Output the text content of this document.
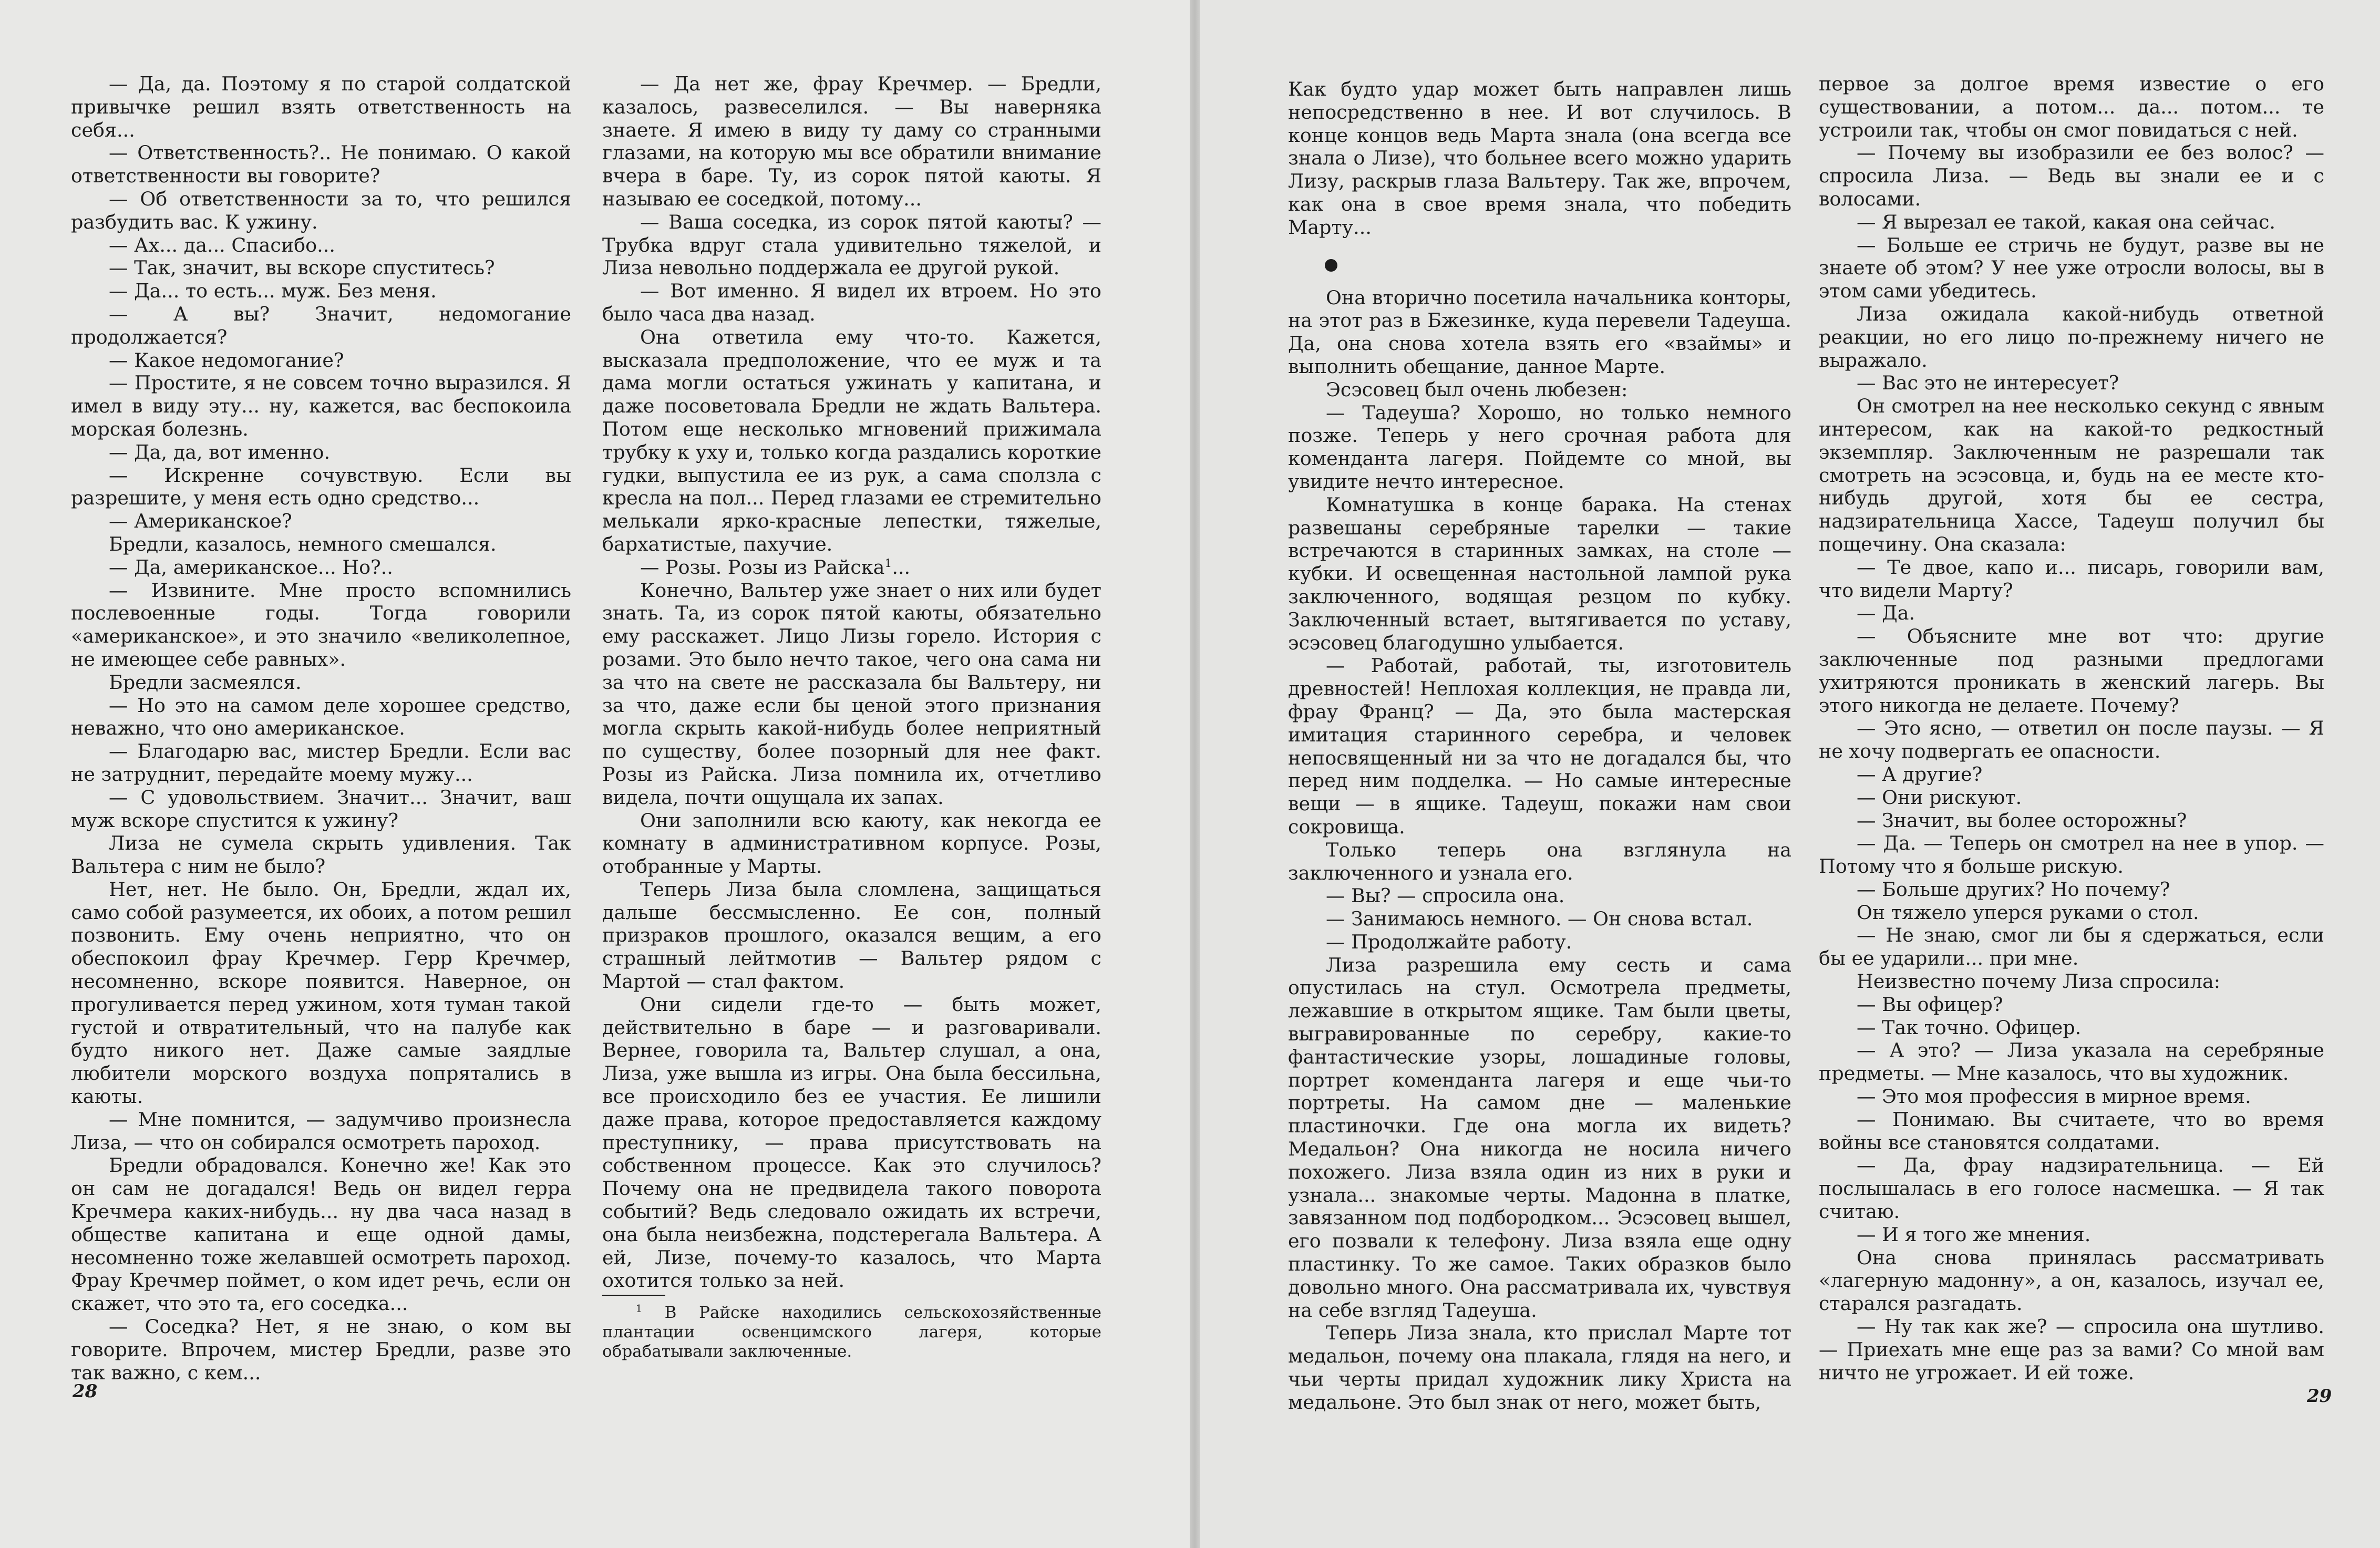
— Да, да. Поэтому я по старой солдатской привычке решил взять ответственность на себя...

— Ответственность?.. Не понимаю. О какой ответственности вы говорите?

— Об ответственности за то, что решился разбудить вас. К ужину.

— Ах... да... Спасибо...

— Так, значит, вы вскоре спуститесь?

— Да... то есть... муж. Без меня.

— А вы? Значит, недомогание продолжается?

— Какое недомогание?

— Простите, я не совсем точно выразился. Я имел в виду эту... ну, кажется, вас беспокоила морская болезнь.

— Да, да, вот именно.

— Искренне сочувствую. Если вы разрешите, у меня есть одно средство...

— Американское?

Бредли, казалось, немного смешался.

— Да, американское... Но?..

— Извините. Мне просто вспомнились послевоенные годы. Тогда говорили «американское», и это значило «великолепное, не имеющее себе равных».

Бредли засмеялся.

— Но это на самом деле хорошее средство, неважно, что оно американское.

— Благодарю вас, мистер Бредли. Если вас не затруднит, передайте моему мужу...

— С удовольствием. Значит... Значит, ваш муж вскоре спустится к ужину?

Лиза не сумела скрыть удивления. Так Вальтера с ним не было?

Нет, нет. Не было. Он, Бредли, ждал их, само собой разумеется, их обоих, а потом решил позвонить. Ему очень неприятно, что он обеспокоил фрау Кречмер. Герр Кречмер, несомненно, вскоре появится. Наверное, он прогуливается перед ужином, хотя туман такой густой и отвратительный, что на палубе как будто никого нет. Даже самые заядлые любители морского воздуха попрятались в каюты.

— Мне помнится, — задумчиво произнесла Лиза, — что он собирался осмотреть пароход.

Бредли обрадовался. Конечно же! Как это он сам не догадался! Ведь он видел герра Кречмера каких-нибудь... ну два часа назад в обществе капитана и еще одной дамы, несомненно тоже желавшей осмотреть пароход. Фрау Кречмер поймет, о ком идет речь, если он скажет, что это та, его соседка...

— Соседка? Нет, я не знаю, о ком вы говорите. Впрочем, мистер Бредли, разве это так важно, с кем...

— Да нет же, фрау Кречмер. — Бредли, казалось, развеселился. — Вы наверняка знаете. Я имею в виду ту даму со странными глазами, на которую мы все обратили внимание вчера в баре. Ту, из сорок пятой каюты. Я называю ее соседкой, потому...

— Ваша соседка, из сорок пятой каюты? — Трубка вдруг стала удивительно тяжелой, и Лиза невольно поддержала ее другой рукой.

— Вот именно. Я видел их втроем. Но это было часа два назад.

Она ответила ему что-то. Кажется, высказала предположение, что ее муж и та дама могли остаться ужинать у капитана, и даже посоветовала Бредли не ждать Вальтера. Потом еще несколько мгновений прижимала трубку к уху и, только когда раздались короткие гудки, выпустила ее из рук, а сама сползла с кресла на пол... Перед глазами ее стремительно мелькали ярко-красные лепестки, тяжелые, бархатистые, пахучие.

— Розы. Розы из Райска$^1$...

Конечно, Вальтер уже знает о них или будет знать. Та, из сорок пятой каюты, обязательно ему расскажет. Лицо Лизы горело. История с розами. Это было нечто такое, чего она сама ни за что на свете не рассказала бы Вальтеру, ни за что, даже если бы ценой этого признания могла скрыть какой-нибудь более неприятный по существу, более позорный для нее факт. Розы из Райска. Лиза помнила их, отчетливо видела, почти ощущала их запах.

Они заполнили всю каюту, как некогда ее комнату в административном корпусе. Розы, отобранные у Марты.

Теперь Лиза была сломлена, защищаться дальше бессмысленно. Ее сон, полный призраков прошлого, оказался вещим, а его страшный лейтмотив — Вальтер рядом с Мартой — стал фактом.

Они сидели где-то — быть может, действительно в баре — и разговаривали. Вернее, говорила та, Вальтер слушал, а она, Лиза, уже вышла из игры. Она была бессильна, все происходило без ее участия. Ее лишили даже права, которое предоставляется каждому преступнику, — права присутствовать на собственном процессе. Как это случилось? Почему она не предвидела такого поворота событий? Ведь следовало ожидать их встречи, она была неизбежна, подстерегала Вальтера. А ей, Лизе, почему-то казалось, что Марта охотится только за ней.

$^1$ В Райске находились сельскохозяйственные плантации освенцимского лагеря, которые обрабатывали заключенные.
28

Как будто удар может быть направлен лишь непосредственно в нее. И вот случилось. В конце концов ведь Марта знала (она всегда все знала о Лизе), что больнее всего можно ударить Лизу, раскрыв глаза Вальтеру. Так же, впрочем, как она в свое время знала, что победить Марту...

Она вторично посетила начальника конторы, на этот раз в Бжезинке, куда перевели Тадеуша. Да, она снова хотела взять его «взаймы» и выполнить обещание, данное Марте.

Эсэсовец был очень любезен:

— Тадеуша? Хорошо, но только немного позже. Теперь у него срочная работа для коменданта лагеря. Пойдемте со мной, вы увидите нечто интересное.

Комнатушка в конце барака. На стенах развешаны серебряные тарелки — такие встречаются в старинных замках, на столе — кубки. И освещенная настольной лампой рука заключенного, водящая резцом по кубку. Заключенный встает, вытягивается по уставу, эсэсовец благодушно улыбается.

— Работай, работай, ты, изготовитель древностей! Неплохая коллекция, не правда ли, фрау Франц? — Да, это была мастерская имитация старинного серебра, и человек непосвященный ни за что не догадался бы, что перед ним подделка. — Но самые интересные вещи — в ящике. Тадеуш, покажи нам свои сокровища.

Только теперь она взглянула на заключенного и узнала его.

— Вы? — спросила она.

— Занимаюсь немного. — Он снова встал.

— Продолжайте работу.

Лиза разрешила ему сесть и сама опустилась на стул. Осмотрела предметы, лежавшие в открытом ящике. Там были цветы, выгравированные по серебру, какие-то фантастические узоры, лошадиные головы, портрет коменданта лагеря и еще чьи-то портреты. На самом дне — маленькие пластиночки. Где она могла их видеть? Медальон? Она никогда не носила ничего похожего. Лиза взяла один из них в руки и узнала... знакомые черты. Мадонна в платке, завязанном под подбородком... Эсэсовец вышел, его позвали к телефону. Лиза взяла еще одну пластинку. То же самое. Таких образков было довольно много. Она рассматривала их, чувствуя на себе взгляд Тадеуша.

Теперь Лиза знала, кто прислал Марте тот медальон, почему она плакала, глядя на него, и чьи черты придал художник лику Христа на медальоне. Это был знак от него, может быть,

первое за долгое время известие о его существовании, а потом... да... потом... те устроили так, чтобы он смог повидаться с ней.

— Почему вы изобразили ее без волос? — спросила Лиза. — Ведь вы знали ее и с волосами.

— Я вырезал ее такой, какая она сейчас.

— Больше ее стричь не будут, разве вы не знаете об этом? У нее уже отросли волосы, вы в этом сами убедитесь.

Лиза ожидала какой-нибудь ответной реакции, но его лицо по-прежнему ничего не выражало.

— Вас это не интересует?

Он смотрел на нее несколько секунд с явным интересом, как на какой-то редкостный экземпляр. Заключенным не разрешали так смотреть на эсэсовца, и, будь на ее месте кто-нибудь другой, хотя бы ее сестра, надзирательница Хассе, Тадеуш получил бы пощечину. Она сказала:

— Те двое, капо и... писарь, говорили вам, что видели Марту?

— Да.

— Объясните мне вот что: другие заключенные под разными предлогами ухитряются проникать в женский лагерь. Вы этого никогда не делаете. Почему?

— Это ясно, — ответил он после паузы. — Я не хочу подвергать ее опасности.

— А другие?

— Они рискуют.

— Значит, вы более осторожны?

— Да. — Теперь он смотрел на нее в упор. — Потому что я больше рискую.

— Больше других? Но почему?

Он тяжело уперся руками о стол.

— Не знаю, смог ли бы я сдержаться, если бы ее ударили... при мне.

Неизвестно почему Лиза спросила:

— Вы офицер?

— Так точно. Офицер.

— А это? — Лиза указала на серебряные предметы. — Мне казалось, что вы художник.

— Это моя профессия в мирное время.

— Понимаю. Вы считаете, что во время войны все становятся солдатами.

— Да, фрау надзирательница. — Ей послышалась в его голосе насмешка. — Я так считаю.

— И я того же мнения.

Она снова принялась рассматривать «лагерную мадонну», а он, казалось, изучал ее, старался разгадать.

— Ну так как же? — спросила она шутливо. — Приехать мне еще раз за вами? Со мной вам ничто не угрожает. И ей тоже.

29
